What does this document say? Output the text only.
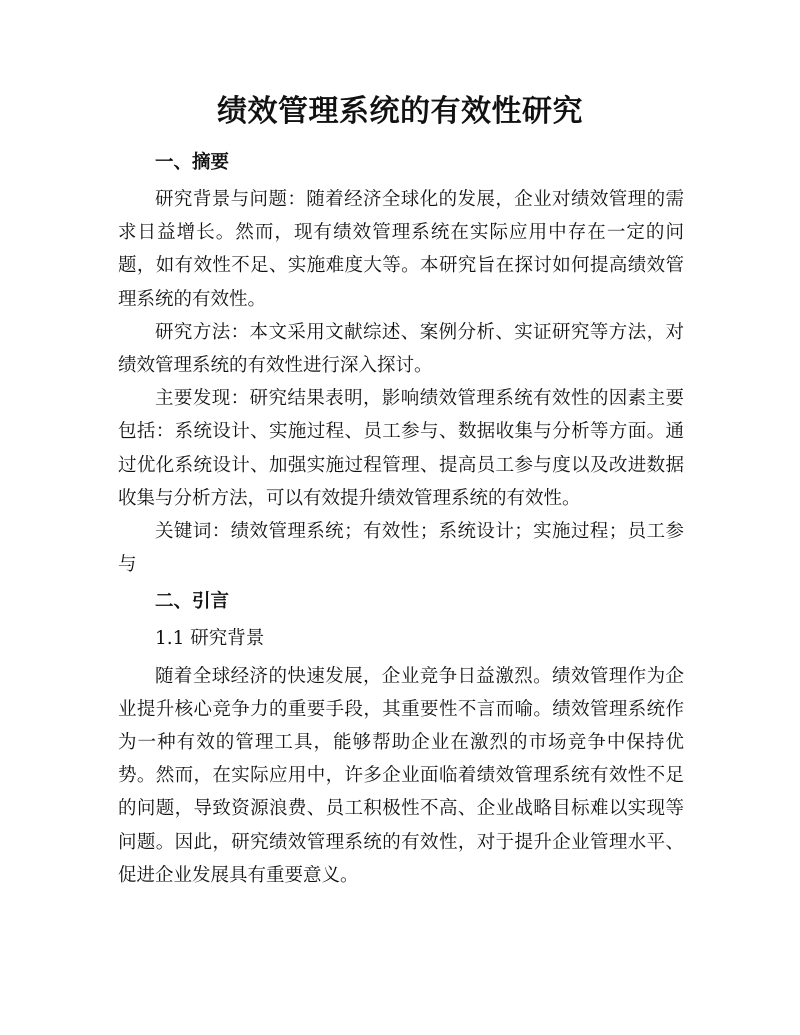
绩效管理系统的有效性研究
一、摘要

研究背景与问题：随着经济全球化的发展，企业对绩效管理的需求日益增长。然而，现有绩效管理系统在实际应用中存在一定的问题，如有效性不足、实施难度大等。本研究旨在探讨如何提高绩效管理系统的有效性。

研究方法：本文采用文献综述、案例分析、实证研究等方法，对绩效管理系统的有效性进行深入探讨。

主要发现：研究结果表明，影响绩效管理系统有效性的因素主要包括：系统设计、实施过程、员工参与、数据收集与分析等方面。通过优化系统设计、加强实施过程管理、提高员工参与度以及改进数据收集与分析方法，可以有效提升绩效管理系统的有效性。

关键词：绩效管理系统；有效性；系统设计；实施过程；员工参与

二、引言
1.1 研究背景

随着全球经济的快速发展，企业竞争日益激烈。绩效管理作为企业提升核心竞争力的重要手段，其重要性不言而喻。绩效管理系统作为一种有效的管理工具，能够帮助企业在激烈的市场竞争中保持优势。然而，在实际应用中，许多企业面临着绩效管理系统有效性不足的问题，导致资源浪费、员工积极性不高、企业战略目标难以实现等问题。因此，研究绩效管理系统的有效性，对于提升企业管理水平、促进企业发展具有重要意义。
